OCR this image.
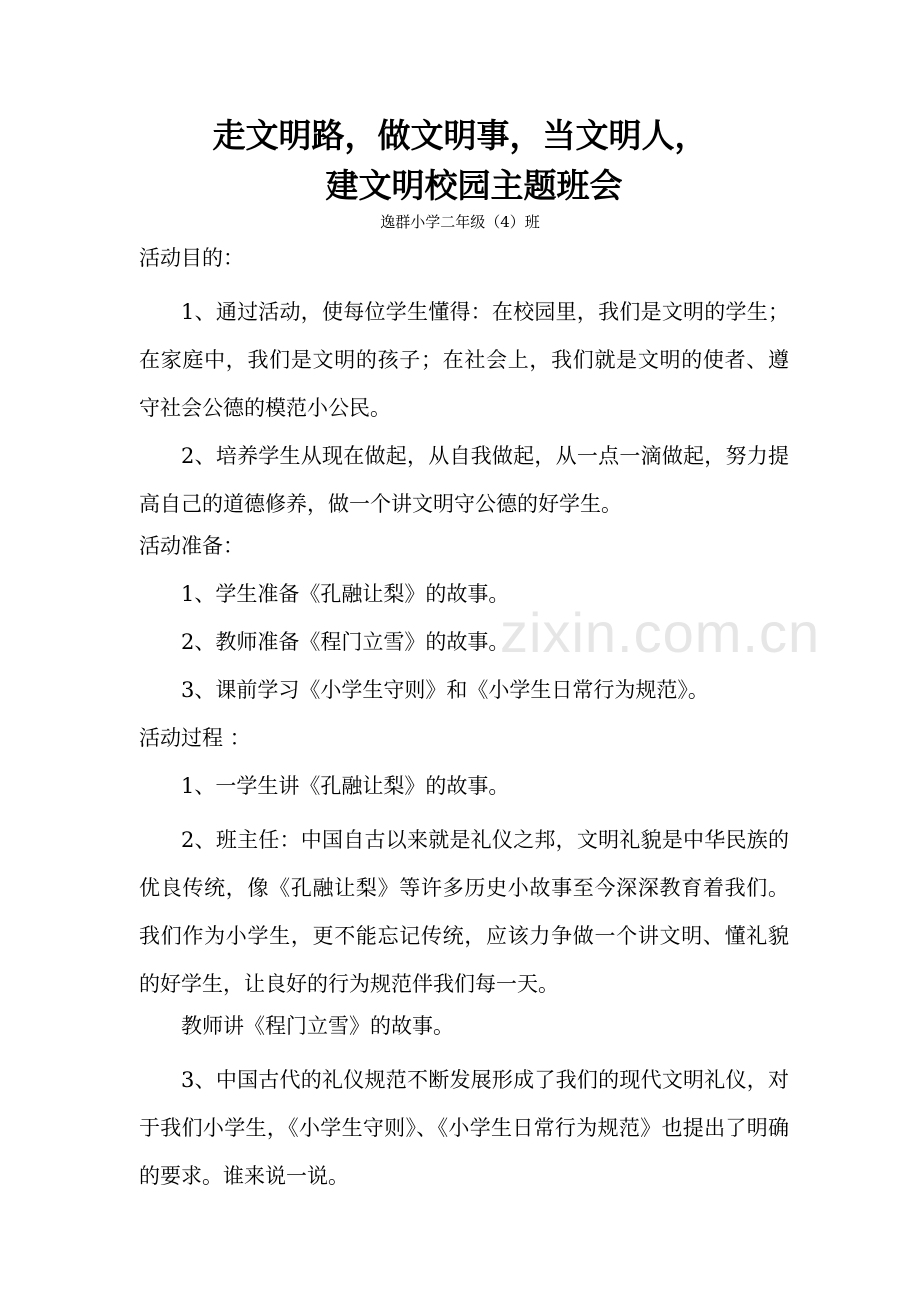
zixin.com.cn
走文明路，做文明事，当文明人，
建文明校园主题班会
逸群小学二年级（4）班
活动目的：

1、通过活动，使每位学生懂得：在校园里，我们是文明的学生；在家庭中，我们是文明的孩子；在社会上，我们就是文明的使者、遵守社会公德的模范小公民。

2、培养学生从现在做起，从自我做起，从一点一滴做起，努力提高自己的道德修养，做一个讲文明守公德的好学生。

活动准备：
1、学生准备《孔融让梨》的故事。
2、教师准备《程门立雪》的故事。
3、课前学习《小学生守则》和《小学生日常行为规范》。
活动过程 ：
1、一学生讲《孔融让梨》的故事。

2、班主任：中国自古以来就是礼仪之邦，文明礼貌是中华民族的优良传统，像《孔融让梨》等许多历史小故事至今深深教育着我们。我们作为小学生，更不能忘记传统，应该力争做一个讲文明、懂礼貌的好学生，让良好的行为规范伴我们每一天。

教师讲《程门立雪》的故事。

3、中国古代的礼仪规范不断发展形成了我们的现代文明礼仪，对于我们小学生，《小学生守则》、《小学生日常行为规范》也提出了明确的要求。谁来说一说。
